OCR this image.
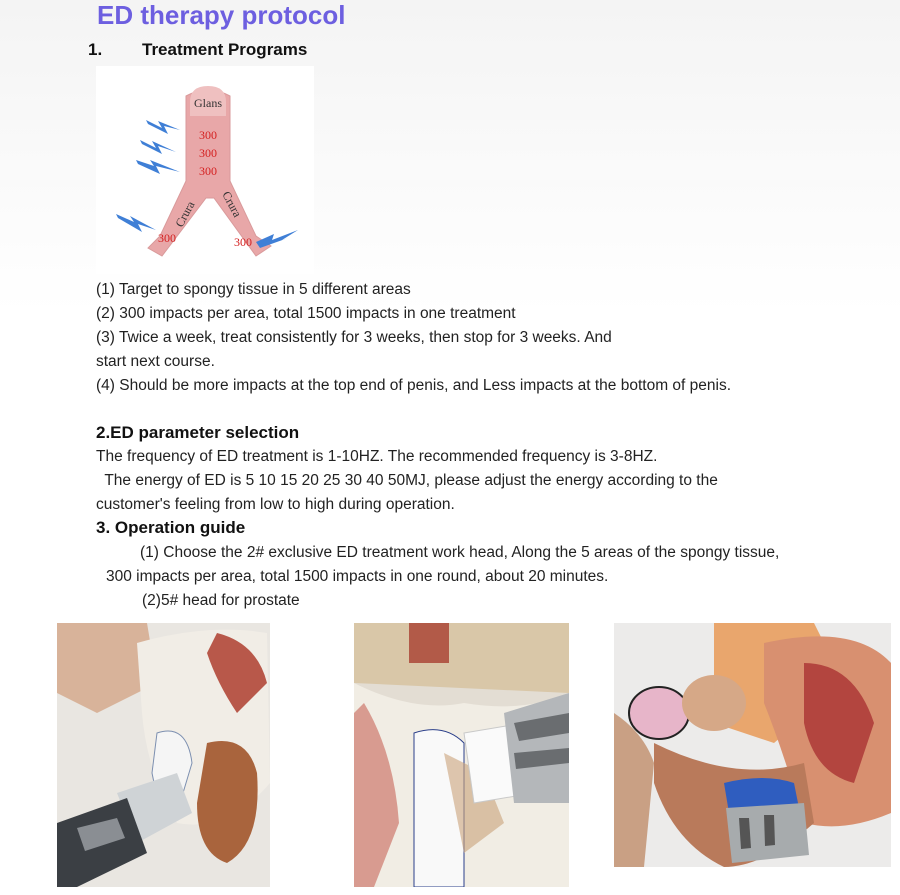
ED therapy protocol
1. Treatment Programs
Glans
300
300
300
Crura Crura
300	300
(1) Target to spongy tissue in 5 different areas
(2) 300 impacts per area, total 1500 impacts in one treatment
(3) Twice a week, treat consistently for 3 weeks, then stop for 3 weeks. And
start next course.
(4) Should be more impacts at the top end of penis, and Less impacts at the bottom of penis.
2.ED parameter selection
The frequency of ED treatment is 1-10HZ. The recommended frequency is 3-8HZ.
The energy of ED is 5 10 15 20 25 30 40 50MJ, please adjust the energy according to the
customer's feeling from low to high during operation.
3. Operation guide
(1) Choose the 2# exclusive ED treatment work head, Along the 5 areas of the spongy tissue,
300 impacts per area, total 1500 impacts in one round, about 20 minutes.
(2)5# head for prostate
